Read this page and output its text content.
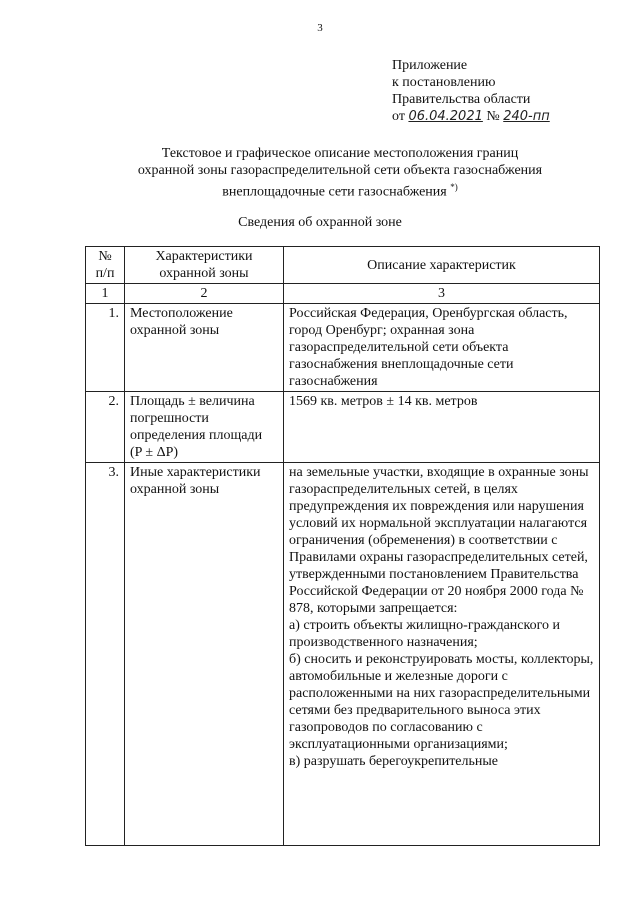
3
Приложение
к постановлению
Правительства области
от 06.04.2021 № 240-пп
Текстовое и графическое описание местоположения границ
охранной зоны газораспределительной сети объекта газоснабжения
внеплощадочные сети газоснабжения *)
Сведения об охранной зоне
№ п/п	Характеристики охранной зоны	Описание характеристик
1	2	3
1.	Местоположение охранной зоны	Российская Федерация, Оренбургская область, город Оренбург; охранная зона газораспределительной сети объекта газоснабжения внеплощадочные сети газоснабжения
2.	Площадь ± величина погрешности определения площади (P ± ΔP)	1569 кв. метров ± 14 кв. метров
3.	Иные характеристики охранной зоны	на земельные участки, входящие в охранные зоны газораспределительных сетей, в целях предупреждения их повреждения или нарушения условий их нормальной эксплуатации налагаются ограничения (обременения) в соответствии с Правилами охраны газораспределительных сетей, утвержденными постановлением Правительства Российской Федерации от 20 ноября 2000 года № 878, которыми запрещается:
а) строить объекты жилищно-гражданского и производственного назначения;
б) сносить и реконструировать мосты, коллекторы, автомобильные и железные дороги с расположенными на них газораспределительными сетями без предварительного выноса этих газопроводов по согласованию с эксплуатационными организациями;
в) разрушать берегоукрепительные
